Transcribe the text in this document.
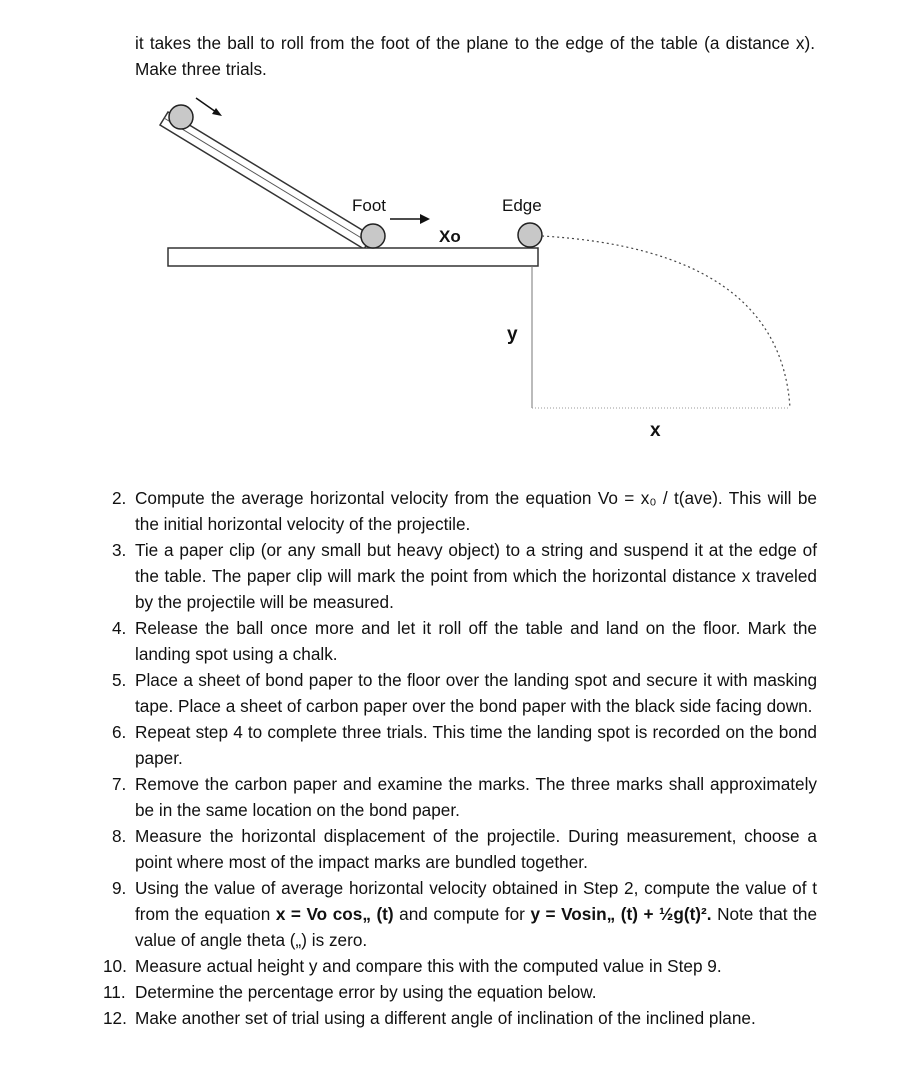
it takes the ball to roll from the foot of the plane to the edge of the table (a distance x). Make three trials.
Foot	Edge
Xo
y
x
2. Compute the average horizontal velocity from the equation Vo = x₀ / t(ave). This will be the initial horizontal velocity of the projectile.
3. Tie a paper clip (or any small but heavy object) to a string and suspend it at the edge of the table. The paper clip will mark the point from which the horizontal distance x traveled by the projectile will be measured.
4. Release the ball once more and let it roll off the table and land on the floor. Mark the landing spot using a chalk.
5. Place a sheet of bond paper to the floor over the landing spot and secure it with masking tape. Place a sheet of carbon paper over the bond paper with the black side facing down.
6. Repeat step 4 to complete three trials. This time the landing spot is recorded on the bond paper.
7. Remove the carbon paper and examine the marks. The three marks shall approximately be in the same location on the bond paper.
8. Measure the horizontal displacement of the projectile. During measurement, choose a point where most of the impact marks are bundled together.
9. Using the value of average horizontal velocity obtained in Step 2, compute the value of t from the equation x = Vo cos„ (t) and compute for y = Vosin„ (t) + ½g(t)². Note that the value of angle theta („) is zero.
10. Measure actual height y and compare this with the computed value in Step 9.
11. Determine the percentage error by using the equation below.
12. Make another set of trial using a different angle of inclination of the inclined plane.
